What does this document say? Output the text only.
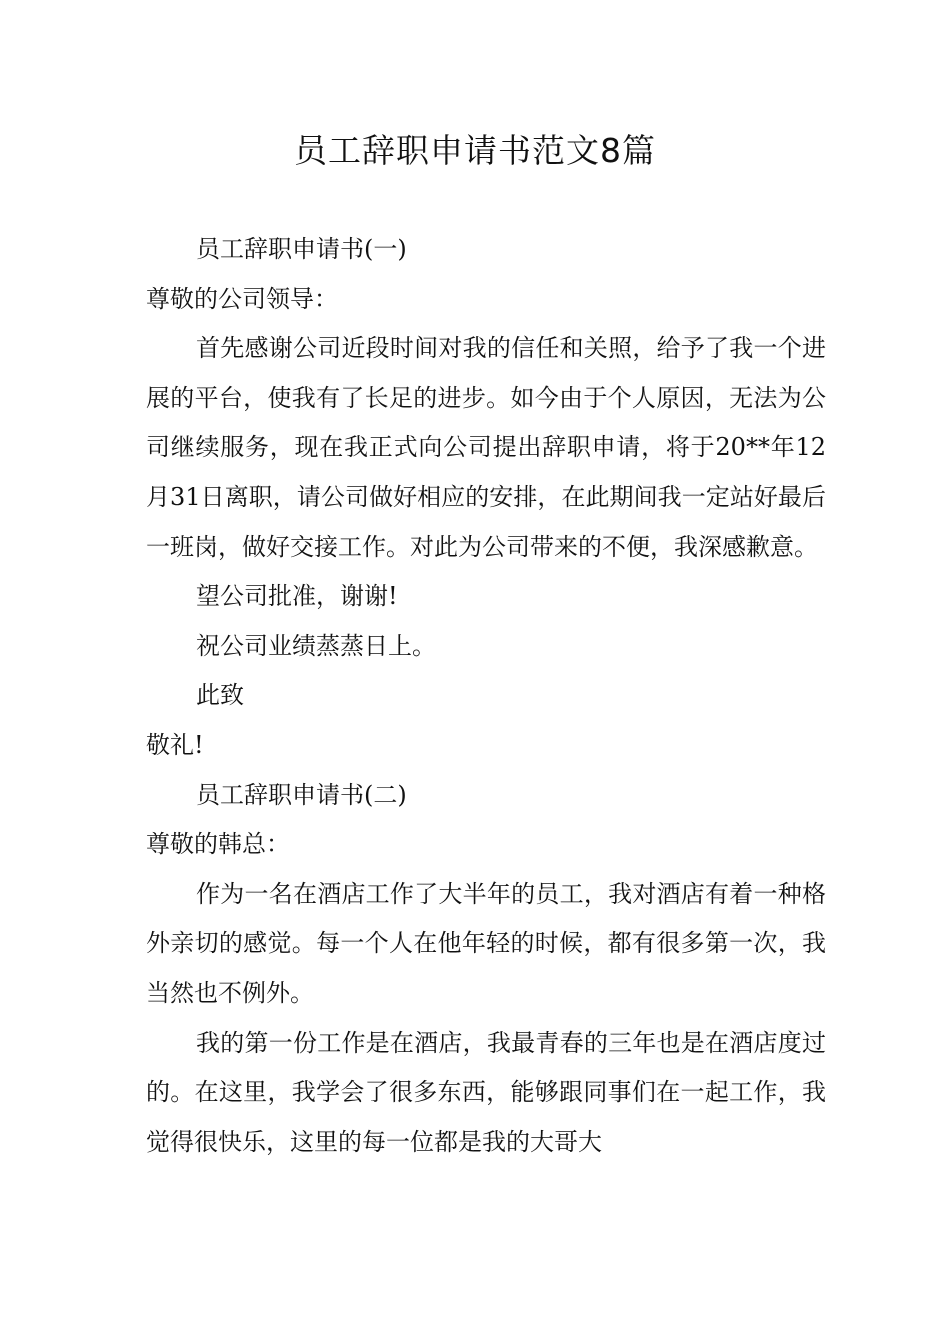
员工辞职申请书范文8篇

员工辞职申请书(一)

尊敬的公司领导：

首先感谢公司近段时间对我的信任和关照，给予了我一个进展的平台，使我有了长足的进步。如今由于个人原因，无法为公司继续服务，现在我正式向公司提出辞职申请，将于20**年12月31日离职，请公司做好相应的安排，在此期间我一定站好最后一班岗，做好交接工作。对此为公司带来的不便，我深感歉意。

望公司批准，谢谢!

祝公司业绩蒸蒸日上。

此致

敬礼!

员工辞职申请书(二)

尊敬的韩总：

作为一名在酒店工作了大半年的员工，我对酒店有着一种格外亲切的感觉。每一个人在他年轻的时候，都有很多第一次，我当然也不例外。

我的第一份工作是在酒店，我最青春的三年也是在酒店度过的。在这里，我学会了很多东西，能够跟同事们在一起工作，我觉得很快乐，这里的每一位都是我的大哥大
